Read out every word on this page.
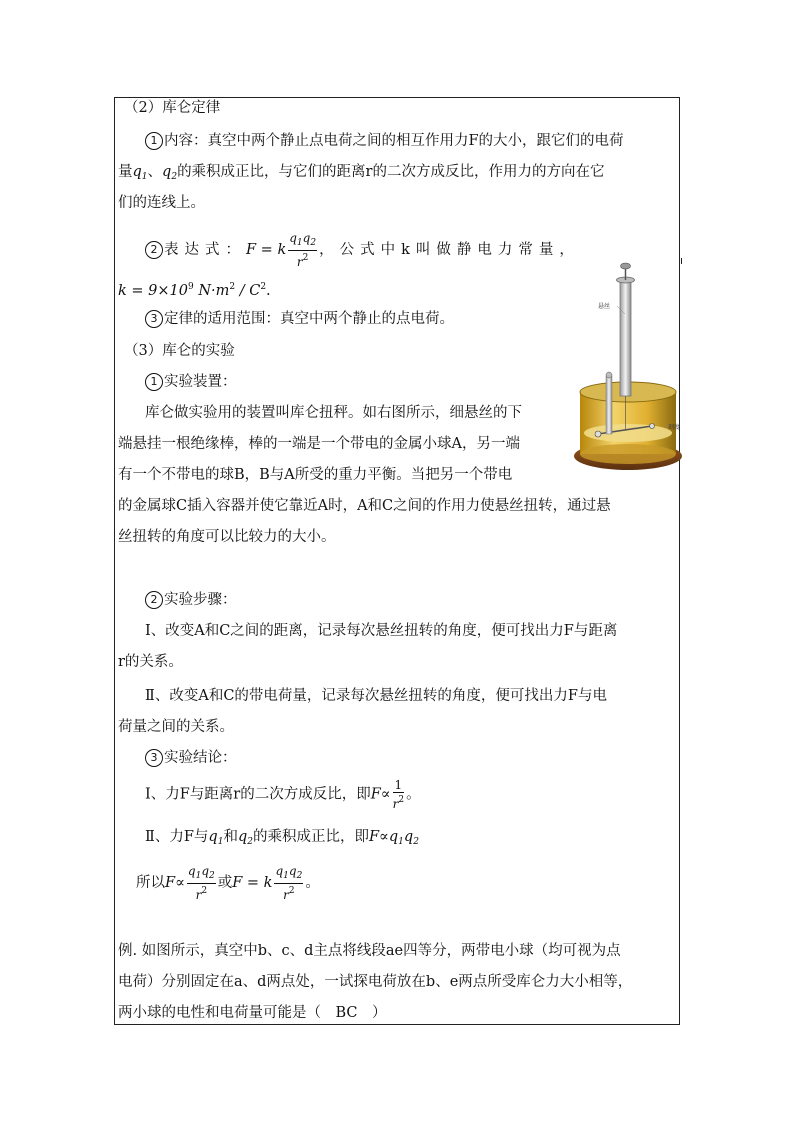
（2）库仑定律
1 内容：真空中两个静止点电荷之间的相互作用力F的大小，跟它们的电荷
量$q_1$、$q_2$的乘积成正比，与它们的距离r的二次方成反比，作用力的方向在它
们的连线上。
2 表达式：F = k $\frac{q_1q_2}{r^2}$ ，公式中k叫做静电力常量，
$k = 9\times 10^9$ $N\cdot m^2 / C^2$.
3 定律的适用范围：真空中两个静止的点电荷。
（3）库仑的实验
1 实验装置：
库仑做实验用的装置叫库仑扭秤。如右图所示，细悬丝的下
端悬挂一根绝缘棒，棒的一端是一个带电的金属小球A，另一端
有一个不带电的球B，B与A所受的重力平衡。当把另一个带电
的金属球C插入容器并使它靠近A时，A和C之间的作用力使悬丝扭转，通过悬
丝扭转的角度可以比较力的大小。
2 实验步骤：
Ⅰ、改变A和C之间的距离，记录每次悬丝扭转的角度，便可找出力F与距离
r的关系。
Ⅱ、改变A和C的带电荷量，记录每次悬丝扭转的角度，便可找出力F与电
荷量之间的关系。
3 实验结论：
Ⅰ、力F与距离r的二次方成反比，即$F\propto \frac{1}{r^2}$ 。
Ⅱ、力F与$q_1$和$q_2$的乘积成正比，即$F\propto q_1q_2$
所以$F\propto \frac{q_1q_2}{r^2}$ 或F = k $\frac{q_1q_2}{r^2}$ 。
例. 如图所示，真空中b、c、d主点将线段ae四等分，两带电小球（均可视为点
电荷）分别固定在a、d两点处，一试探电荷放在b、e两点所受库仑力大小相等，
两小球的电性和电荷量可能是（　BC　）
悬丝
刻度
